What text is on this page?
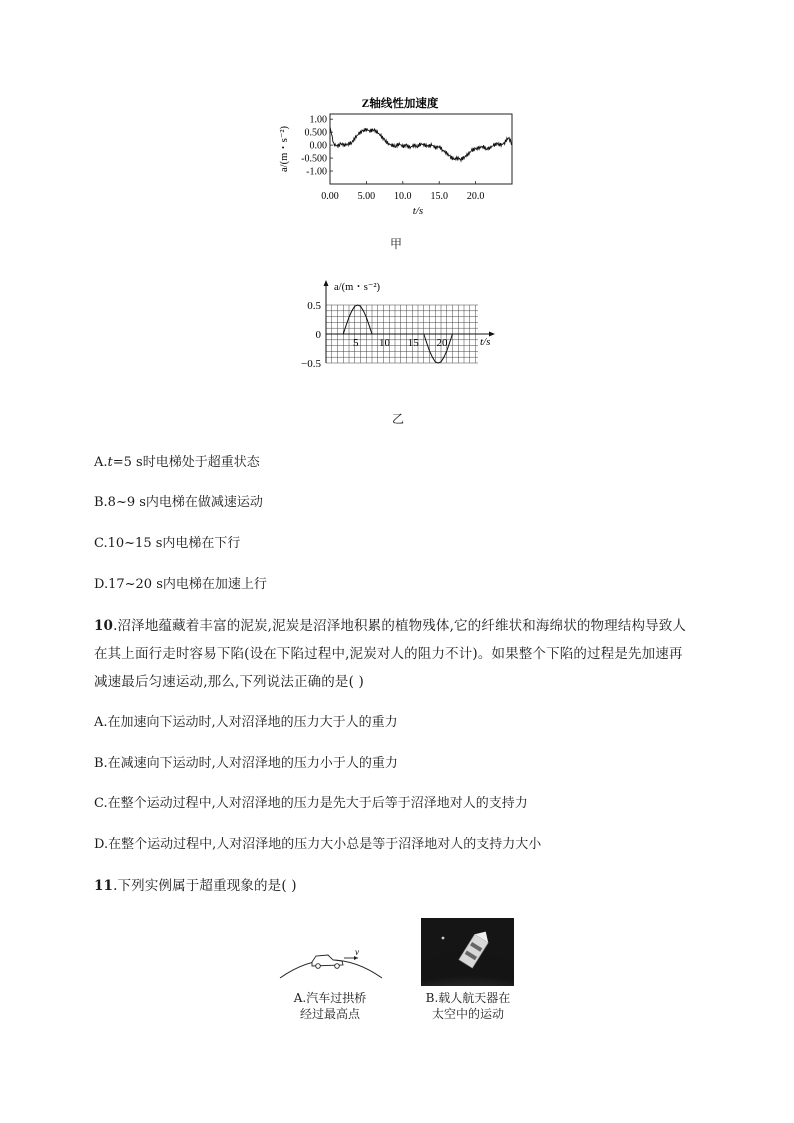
Z轴线性加速度
1.00
0.500
0.00
-0.500
-1.00
0.00 5.00 10.0 15.0 20.0
a/(m・s⁻²)
t/s
甲
a/(m・s⁻²)
0.5
0
−0.5
5 10 15 20	t/s
乙
A.t=5 s时电梯处于超重状态
B.8~9 s内电梯在做减速运动
C.10~15 s内电梯在下行
D.17~20 s内电梯在加速上行
10.沼泽地蕴藏着丰富的泥炭,泥炭是沼泽地积累的植物残体,它的纤维状和海绵状的物理结构导致人
在其上面行走时容易下陷(设在下陷过程中,泥炭对人的阻力不计)。如果整个下陷的过程是先加速再
减速最后匀速运动,那么,下列说法正确的是( )
A.在加速向下运动时,人对沼泽地的压力大于人的重力
B.在减速向下运动时,人对沼泽地的压力小于人的重力
C.在整个运动过程中,人对沼泽地的压力是先大于后等于沼泽地对人的支持力
D.在整个运动过程中,人对沼泽地的压力大小总是等于沼泽地对人的支持力大小
11.下列实例属于超重现象的是( )
v
A.汽车过拱桥
经过最高点
B.载人航天器在
太空中的运动
